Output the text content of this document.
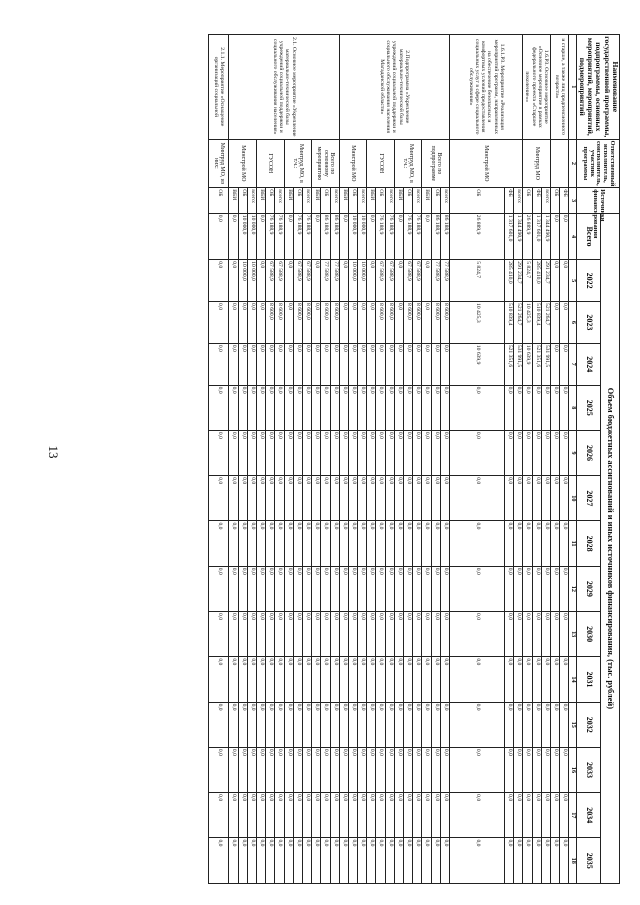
13
Наименование государственной программы, подпрограммы, основных мероприятий, мероприятий, подмероприятий	Ответственный исполнитель, соисполнитель, участник программы	Источники финансирования	Объем бюджетных ассигнований и иных источников финансирования, (тыс. рублей)														
			Всего	2022	2023	2024	2025	2026	2027	2028	2029	2030	2031	2032	2033	2034	2035
1	2	3	4	5	6	7	8	9	10	11	12	13	14	15	16	17	18
и старше, а также лиц предпенсионного возраста»		ФБ	0,0	0,0	0,0	0,0	0,0	0,0	0,0	0,0	0,0	0,0	0,0	0,0	0,0	0,0	0,0
		ОБ	0,0	0,0	0,0	0,0	0,0	0,0	0,0	0,0	0,0	0,0	0,0	0,0	0,0	0,0	0,0
1.6.Р3. Основное мероприятие «Основное мероприятие в рамках федерального проекта «Старшее поколение»»	Минтруд МО	всего:	1 344 490,9	291 234,7	521 264,7	531 991,5	0,0	0,0	0,0	0,0	0,0	0,0	0,0	0,0	0,0	0,0	0,0
		ФБ	1 317 601,0	285 410,0	510 839,4	521 351,6	0,0	0,0	0,0	0,0	0,0	0,0	0,0	0,0	0,0	0,0	0,0
		ОБ	26 889,9	5 824,7	10 425,3	10 639,9	0,0	0,0	0,0	0,0	0,0	0,0	0,0	0,0	0,0	0,0	0,0
1.6.1.Р3. Мероприятие «Реализация мероприятий программ, направленных на обеспечение безопасных и комфортных условий предоставления социальных услуг в сфере социального обслуживания»	Минстрой МО	всего:	1 344 490,9	291 234,7	521 264,7	531 991,5	0,0	0,0	0,0	0,0	0,0	0,0	0,0	0,0	0,0	0,0	0,0
		ФБ	1 317 601,0	285 410,0	510 839,4	521 351,6	0,0	0,0	0,0	0,0	0,0	0,0	0,0	0,0	0,0	0,0	0,0
		ОБ	26 889,9	5 824,7	10 425,3	10 639,9	0,0	0,0	0,0	0,0	0,0	0,0	0,0	0,0	0,0	0,0	0,0
2.Подпрограмма «Укрепление материально-технической базы учреждений социальной поддержки и социального обслуживания населения Магаданской области»	Всего по подпрограмме	всего:	86 188,9	77 588,9	8 600,0	0,0	0,0	0,0	0,0	0,0	0,0	0,0	0,0	0,0	0,0	0,0	0,0
		ОБ	86 188,9	77 588,9	8 600,0	0,0	0,0	0,0	0,0	0,0	0,0	0,0	0,0	0,0	0,0	0,0	0,0
		ВБИ	0,0	0,0	0,0	0,0	0,0	0,0	0,0	0,0	0,0	0,0	0,0	0,0	0,0	0,0	0,0
	Минтруд МО, в т.ч.:	всего:	76 188,9	67 588,9	8 600,0	0,0	0,0	0,0	0,0	0,0	0,0	0,0	0,0	0,0	0,0	0,0	0,0
		ОБ	76 188,9	67 588,9	8 600,0	0,0	0,0	0,0	0,0	0,0	0,0	0,0	0,0	0,0	0,0	0,0	0,0
		ВБИ	0,0	0,0	0,0	0,0	0,0	0,0	0,0	0,0	0,0	0,0	0,0	0,0	0,0	0,0	0,0
	ГУСОН	всего:	76 188,9	67 588,9	8 600,0	0,0	0,0	0,0	0,0	0,0	0,0	0,0	0,0	0,0	0,0	0,0	0,0
		ОБ	76 188,9	67 588,9	8 600,0	0,0	0,0	0,0	0,0	0,0	0,0	0,0	0,0	0,0	0,0	0,0	0,0
		ВБИ	0,0	0,0	0,0	0,0	0,0	0,0	0,0	0,0	0,0	0,0	0,0	0,0	0,0	0,0	0,0
	Минстрой МО	всего:	10 000,0	10 000,0	0,0	0,0	0,0	0,0	0,0	0,0	0,0	0,0	0,0	0,0	0,0	0,0	0,0
		ОБ	10 000,0	10 000,0	0,0	0,0	0,0	0,0	0,0	0,0	0,0	0,0	0,0	0,0	0,0	0,0	0,0
		ВБИ	0,0	0,0	0,0	0,0	0,0	0,0	0,0	0,0	0,0	0,0	0,0	0,0	0,0	0,0	0,0
2.1. Основное мероприятие «Укрепление материально-технической базы учреждений социальной поддержки и социального обслуживания населения»	Всего по основному мероприятию	всего:	86 188,9	77 588,9	8 600,0	0,0	0,0	0,0	0,0	0,0	0,0	0,0	0,0	0,0	0,0	0,0	0,0
		ОБ	86 188,9	77 588,9	8 600,0	0,0	0,0	0,0	0,0	0,0	0,0	0,0	0,0	0,0	0,0	0,0	0,0
		ВБИ	0,0	0,0	0,0	0,0	0,0	0,0	0,0	0,0	0,0	0,0	0,0	0,0	0,0	0,0	0,0
	Минтруд МО, в т.ч.:	всего:	76 188,9	67 588,9	8 600,0	0,0	0,0	0,0	0,0	0,0	0,0	0,0	0,0	0,0	0,0	0,0	0,0
		ОБ	76 188,9	67 588,9	8 600,0	0,0	0,0	0,0	0,0	0,0	0,0	0,0	0,0	0,0	0,0	0,0	0,0
		ВБИ	0,0	0,0	0,0	0,0	0,0	0,0	0,0	0,0	0,0	0,0	0,0	0,0	0,0	0,0	0,0
	ГУСОН	всего:	76 188,9	67 588,9	8 600,0	0,0	0,0	0,0	0,0	0,0	0,0	0,0	0,0	0,0	0,0	0,0	0,0
		ОБ	76 188,9	67 588,9	8 600,0	0,0	0,0	0,0	0,0	0,0	0,0	0,0	0,0	0,0	0,0	0,0	0,0
		ВБИ	0,0	0,0	0,0	0,0	0,0	0,0	0,0	0,0	0,0	0,0	0,0	0,0	0,0	0,0	0,0
	Минстрой МО	всего:	10 000,0	10 000,0	0,0	0,0	0,0	0,0	0,0	0,0	0,0	0,0	0,0	0,0	0,0	0,0	0,0
		ОБ	10 000,0	10 000,0	0,0	0,0	0,0	0,0	0,0	0,0	0,0	0,0	0,0	0,0	0,0	0,0	0,0
		ВБИ	0,0	0,0	0,0	0,0	0,0	0,0	0,0	0,0	0,0	0,0	0,0	0,0	0,0	0,0	0,0
2.1.1. Мероприятие «Оснащение организаций социальной	Минтруд МО, из них:	ОБ	0,0	0,0	0,0	0,0	0,0	0,0	0,0	0,0	0,0	0,0	0,0	0,0	0,0	0,0	0,0
